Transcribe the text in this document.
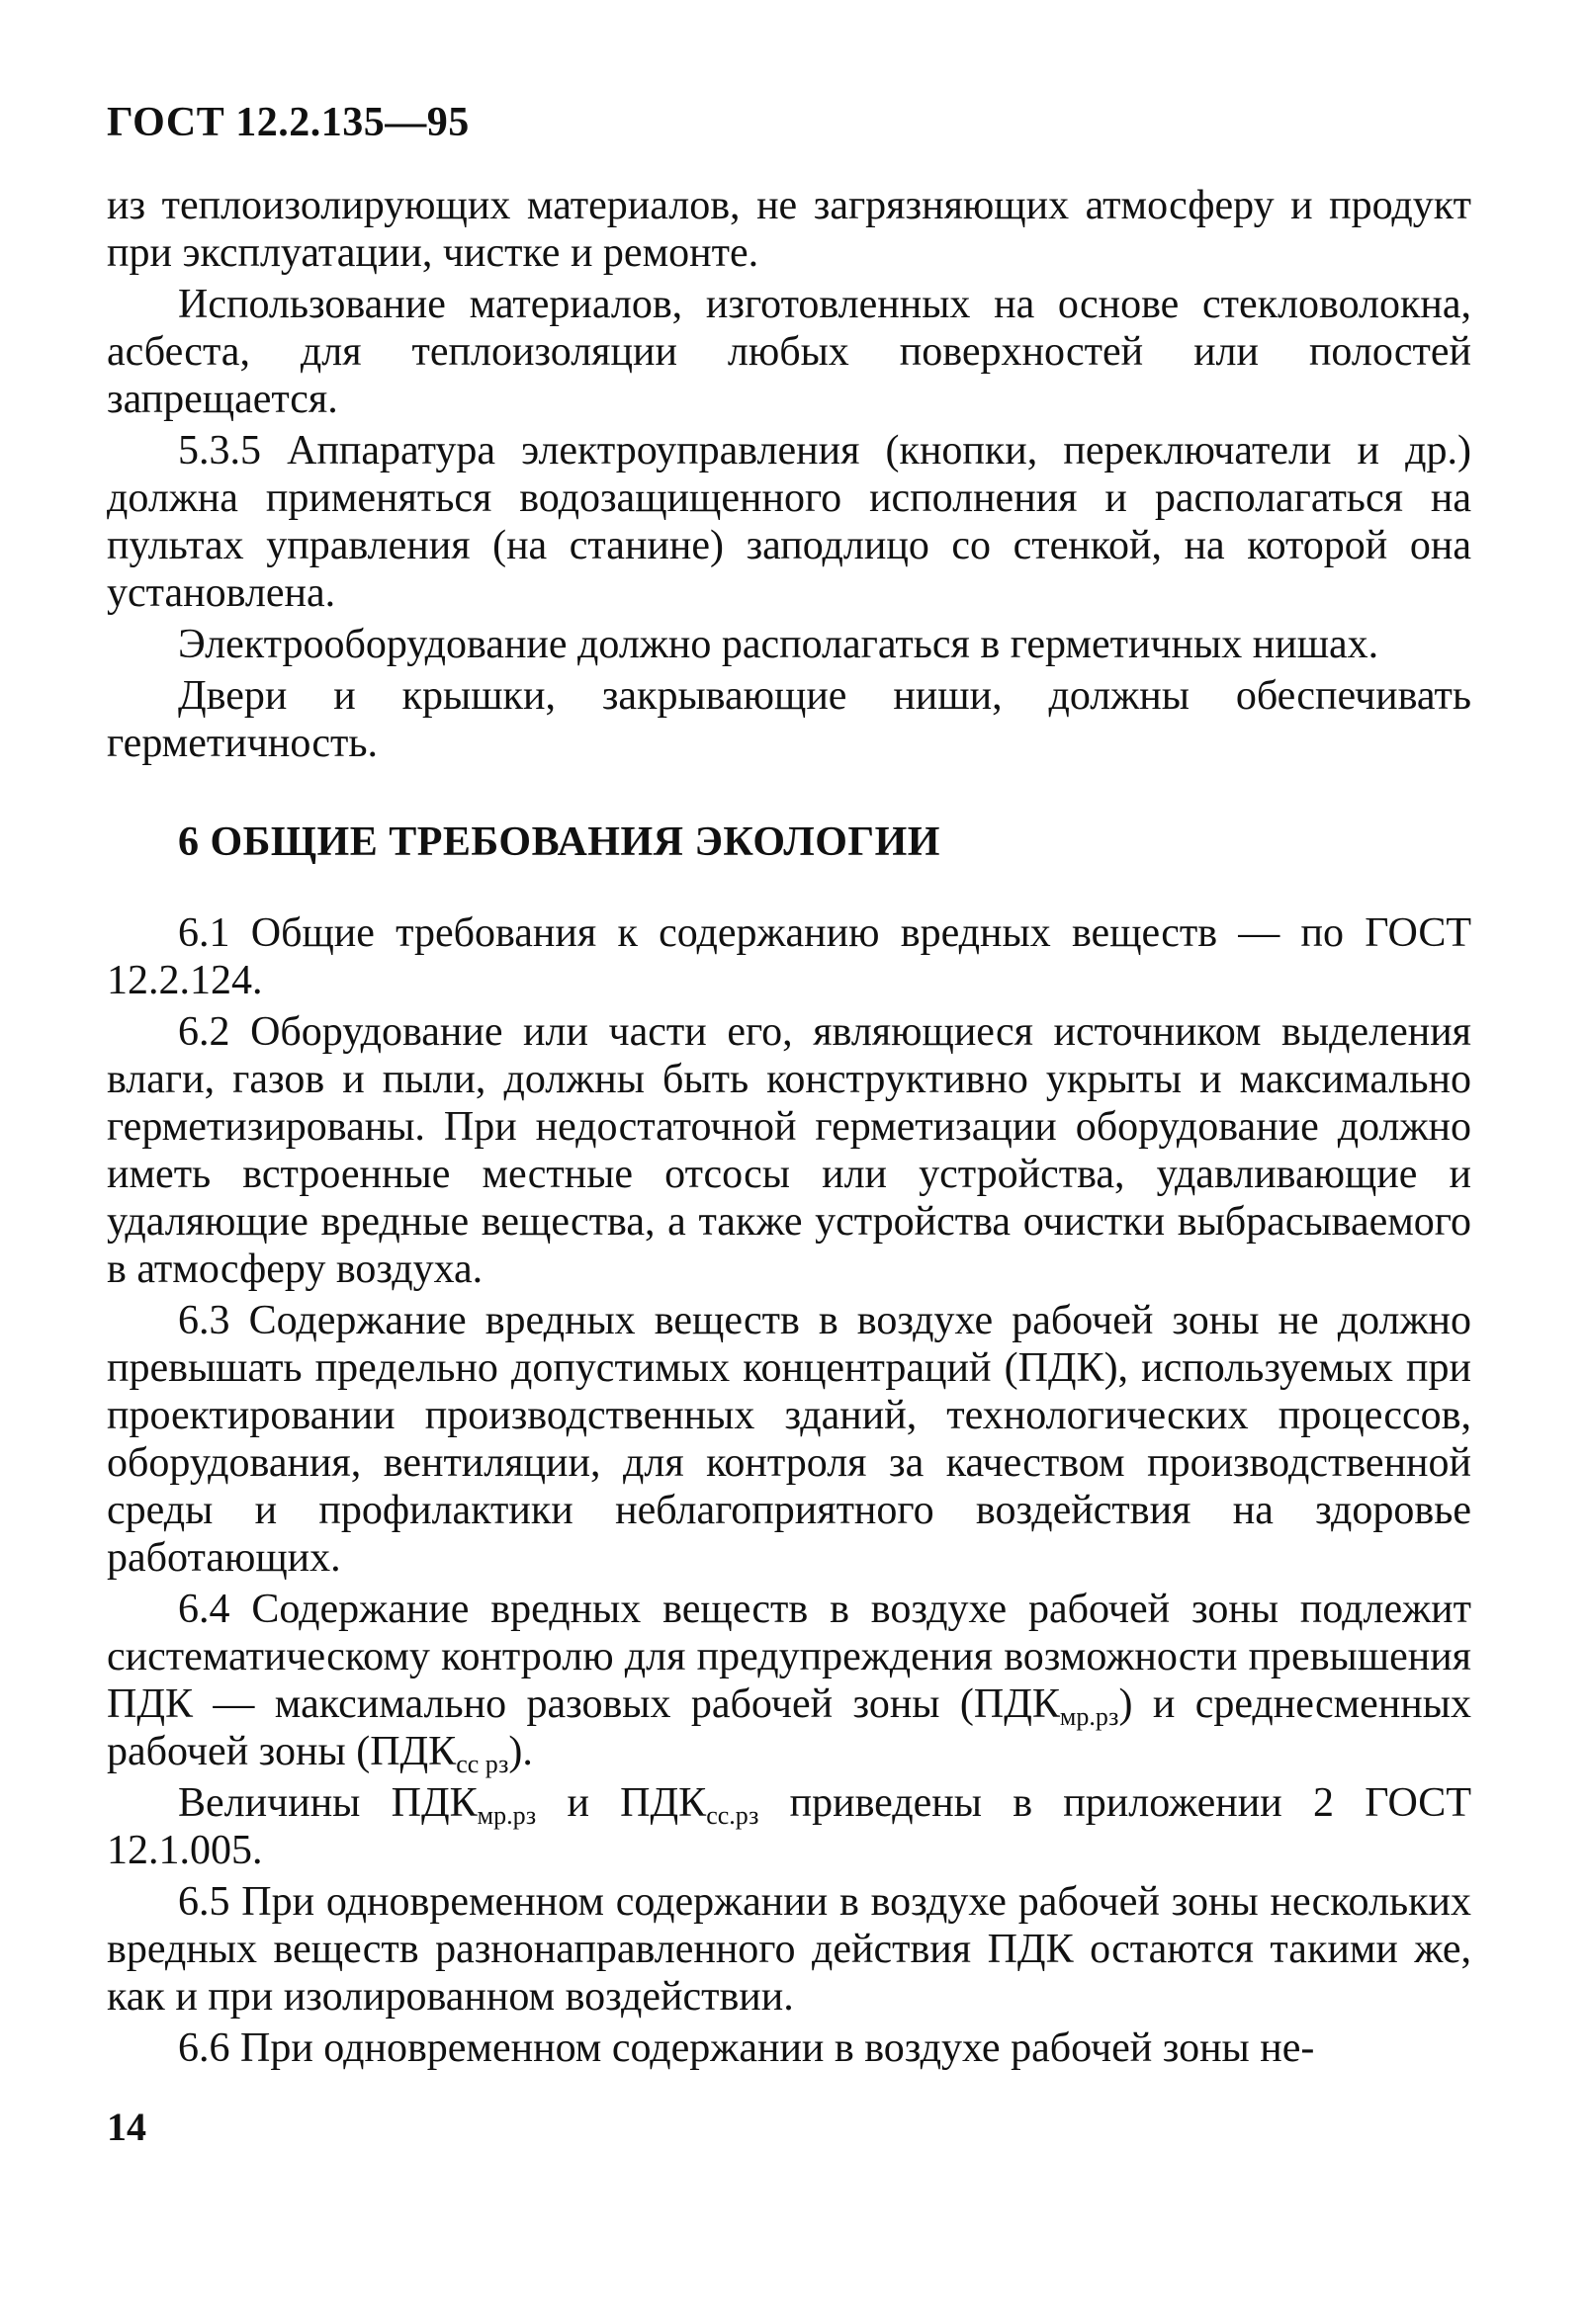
ГОСТ 12.2.135—95

из теплоизолирующих материалов, не загрязняющих атмосферу и продукт при эксплуатации, чистке и ремонте.

Использование материалов, изготовленных на основе стекловолокна, асбеста, для теплоизоляции любых поверхностей или полостей запрещается.

5.3.5 Аппаратура электроуправления (кнопки, переключатели и др.) должна применяться водозащищенного исполнения и располагаться на пультах управления (на станине) заподлицо со стенкой, на которой она установлена.

Электрооборудование должно располагаться в герметичных нишах.

Двери и крышки, закрывающие ниши, должны обеспечивать герметичность.

6 ОБЩИЕ ТРЕБОВАНИЯ ЭКОЛОГИИ

6.1 Общие требования к содержанию вредных веществ — по ГОСТ 12.2.124.

6.2 Оборудование или части его, являющиеся источником выделения влаги, газов и пыли, должны быть конструктивно укрыты и максимально герметизированы. При недостаточной герметизации оборудование должно иметь встроенные местные отсосы или устройства, удавливающие и удаляющие вредные вещества, а также устройства очистки выбрасываемого в атмосферу воздуха.

6.3 Содержание вредных веществ в воздухе рабочей зоны не должно превышать предельно допустимых концентраций (ПДК), используемых при проектировании производственных зданий, технологических процессов, оборудования, вентиляции, для контроля за качеством производственной среды и профилактики неблагоприятного воздействия на здоровье работающих.

6.4 Содержание вредных веществ в воздухе рабочей зоны подлежит систематическому контролю для предупреждения возможности превышения ПДК — максимально разовых рабочей зоны $(ПДК_{мр.рз})$ и среднесменных рабочей зоны $(ПДК_{сс рз})$.

Величины $ПДК_{мр.рз}$ и $ПДК_{сс.рз}$ приведены в приложении 2 ГОСТ 12.1.005.

6.5 При одновременном содержании в воздухе рабочей зоны нескольких вредных веществ разнонаправленного действия ПДК остаются такими же, как и при изолированном воздействии.

6.6 При одновременном содержании в воздухе рабочей зоны не-

14
